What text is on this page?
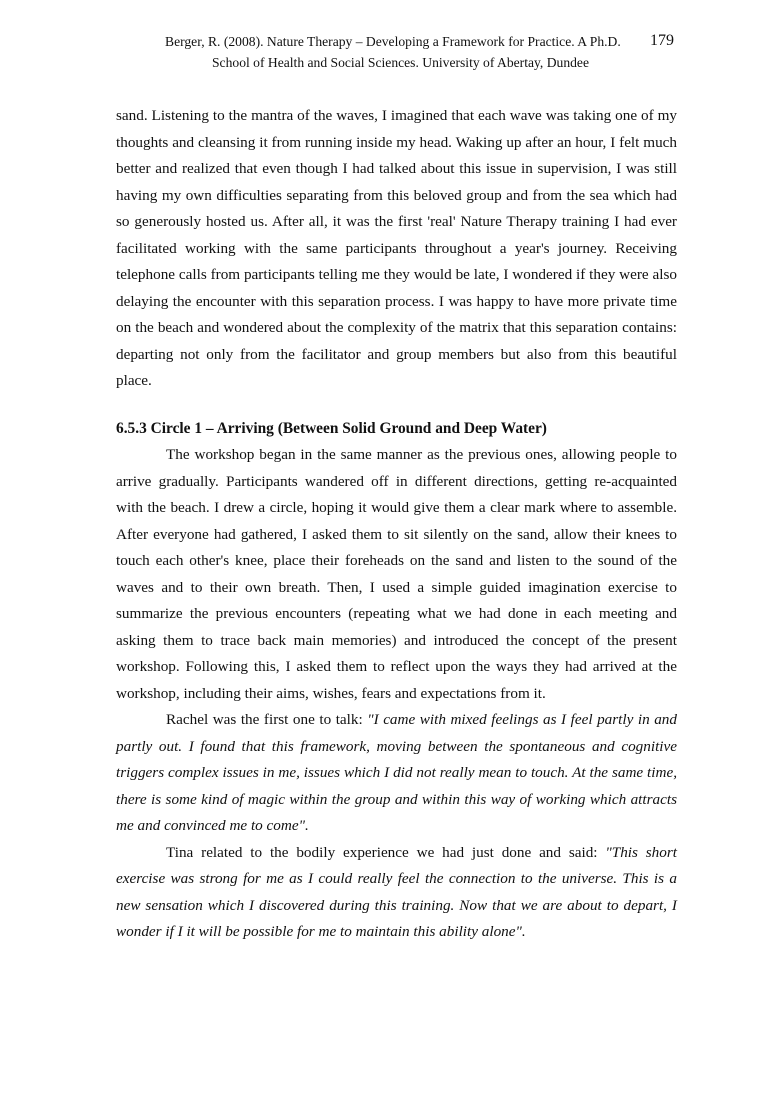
Berger, R. (2008). Nature Therapy – Developing a Framework for Practice. A Ph.D. 179
School of Health and Social Sciences. University of Abertay, Dundee

sand. Listening to the mantra of the waves, I imagined that each wave was taking one of my thoughts and cleansing it from running inside my head. Waking up after an hour, I felt much better and realized that even though I had talked about this issue in supervision, I was still having my own difficulties separating from this beloved group and from the sea which had so generously hosted us. After all, it was the first 'real' Nature Therapy training I had ever facilitated working with the same participants throughout a year's journey. Receiving telephone calls from participants telling me they would be late, I wondered if they were also delaying the encounter with this separation process. I was happy to have more private time on the beach and wondered about the complexity of the matrix that this separation contains: departing not only from the facilitator and group members but also from this beautiful place.

6.5.3 Circle 1 – Arriving (Between Solid Ground and Deep Water)

The workshop began in the same manner as the previous ones, allowing people to arrive gradually. Participants wandered off in different directions, getting re-acquainted with the beach. I drew a circle, hoping it would give them a clear mark where to assemble. After everyone had gathered, I asked them to sit silently on the sand, allow their knees to touch each other's knee, place their foreheads on the sand and listen to the sound of the waves and to their own breath. Then, I used a simple guided imagination exercise to summarize the previous encounters (repeating what we had done in each meeting and asking them to trace back main memories) and introduced the concept of the present workshop. Following this, I asked them to reflect upon the ways they had arrived at the workshop, including their aims, wishes, fears and expectations from it.

Rachel was the first one to talk: "I came with mixed feelings as I feel partly in and partly out. I found that this framework, moving between the spontaneous and cognitive triggers complex issues in me, issues which I did not really mean to touch. At the same time, there is some kind of magic within the group and within this way of working which attracts me and convinced me to come".

Tina related to the bodily experience we had just done and said: "This short exercise was strong for me as I could really feel the connection to the universe. This is a new sensation which I discovered during this training. Now that we are about to depart, I wonder if I it will be possible for me to maintain this ability alone".
